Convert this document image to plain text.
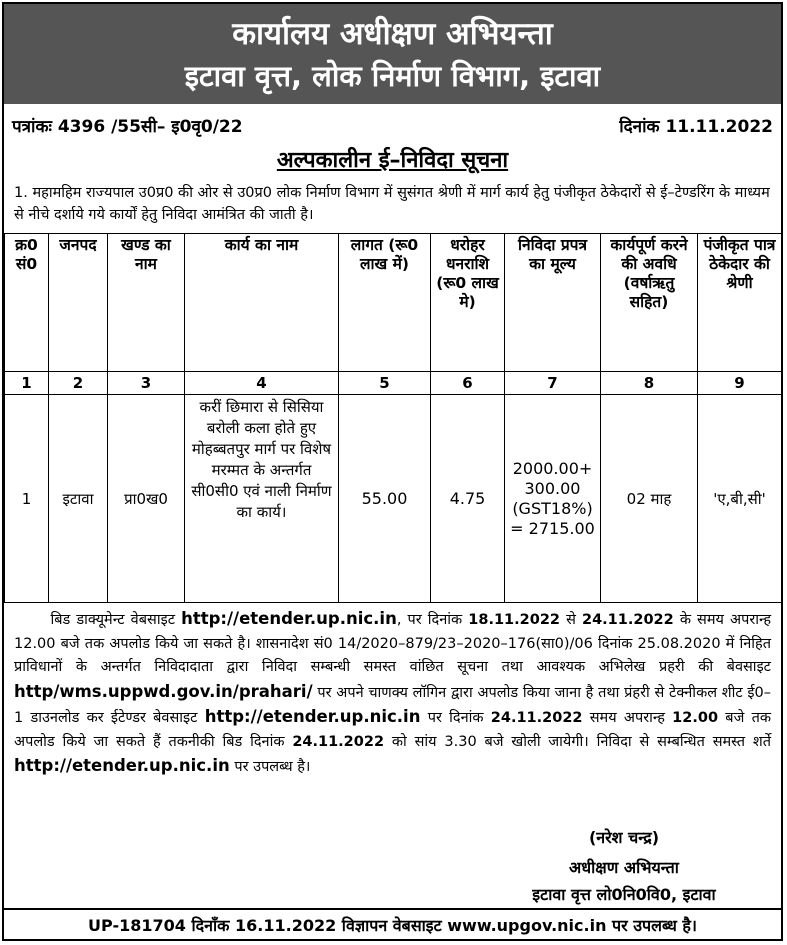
कार्यालय अधीक्षण अभियन्ता
इटावा वृत्त, लोक निर्माण विभाग, इटावा
पत्रांकः 4396 /55सी– इ0वृ0/22	दिनांक 11.11.2022
अल्पकालीन ई–निविदा सूचना
1. महामहिम राज्यपाल उ0प्र0 की ओर से उ0प्र0 लोक निर्माण विभाग में सुसंगत श्रेणी में मार्ग कार्य हेतु पंजीकृत ठेकेदारों से ई–टेण्डरिंग के माध्यम से नीचे दर्शाये गये कार्यों हेतु निविदा आमंत्रित की जाती है।
क्र0 सं0	जनपद	खण्ड का नाम	कार्य का नाम	लागत (रू0 लाख में)	धरोहर धनराशि (रू0 लाख मे)	निविदा प्रपत्र का मूल्य	कार्यपूर्ण करने की अवधि (वर्षाऋतु सहित)	पंजीकृत पात्र ठेकेदार की श्रेणी
1	2	3	4	5	6	7	8	9
1	इटावा	प्रा0ख0	करीं छिमारा से सिसिया बरोली कला होते हुए मोहब्बतपुर मार्ग पर विशेष मरम्मत के अन्तर्गत सी0सी0 एवं नाली निर्माण का कार्य।	55.00	4.75	2000.00+
300.00
(GST18%)
= 2715.00	02 माह	'ए,बी,सी'
बिड डाक्यूमेन्ट वेबसाइट http://etender.up.nic.in, पर दिनांक 18.11.2022 से 24.11.2022 के समय अपरान्ह 12.00 बजे तक अपलोड किये जा सकते है। शासनादेश सं0 14/2020–879/23–2020–176(सा0)/06 दिनांक 25.08.2020 में निहित प्राविधानों के अन्तर्गत निविदादाता द्वारा निविदा सम्बन्धी समस्त वांछित सूचना तथा आवश्यक अभिलेख प्रहरी की बेवसाइट http/wms.uppwd.gov.in/prahari/ पर अपने चाणक्य लॉगिन द्वारा अपलोड किया जाना है तथा प्रंहरी से टेक्नीकल शीट ई0–1 डाउनलोड कर ईटेण्डर बेवसाइट http://etender.up.nic.in पर दिनांक 24.11.2022 समय अपरान्ह 12.00 बजे तक अपलोड किये जा सकते हैं तकनीकी बिड दिनांक 24.11.2022 को सांय 3.30 बजे खोली जायेगी। निविदा से सम्बन्धित समस्त शर्ते http://etender.up.nic.in पर उपलब्ध है।
(नरेश चन्द्र)
अधीक्षण अभियन्ता
इटावा वृत्त लो0नि0वि0, इटावा
UP-181704 दिनाँक 16.11.2022 विज्ञापन वेबसाइट www.upgov.nic.in पर उपलब्ध है।
